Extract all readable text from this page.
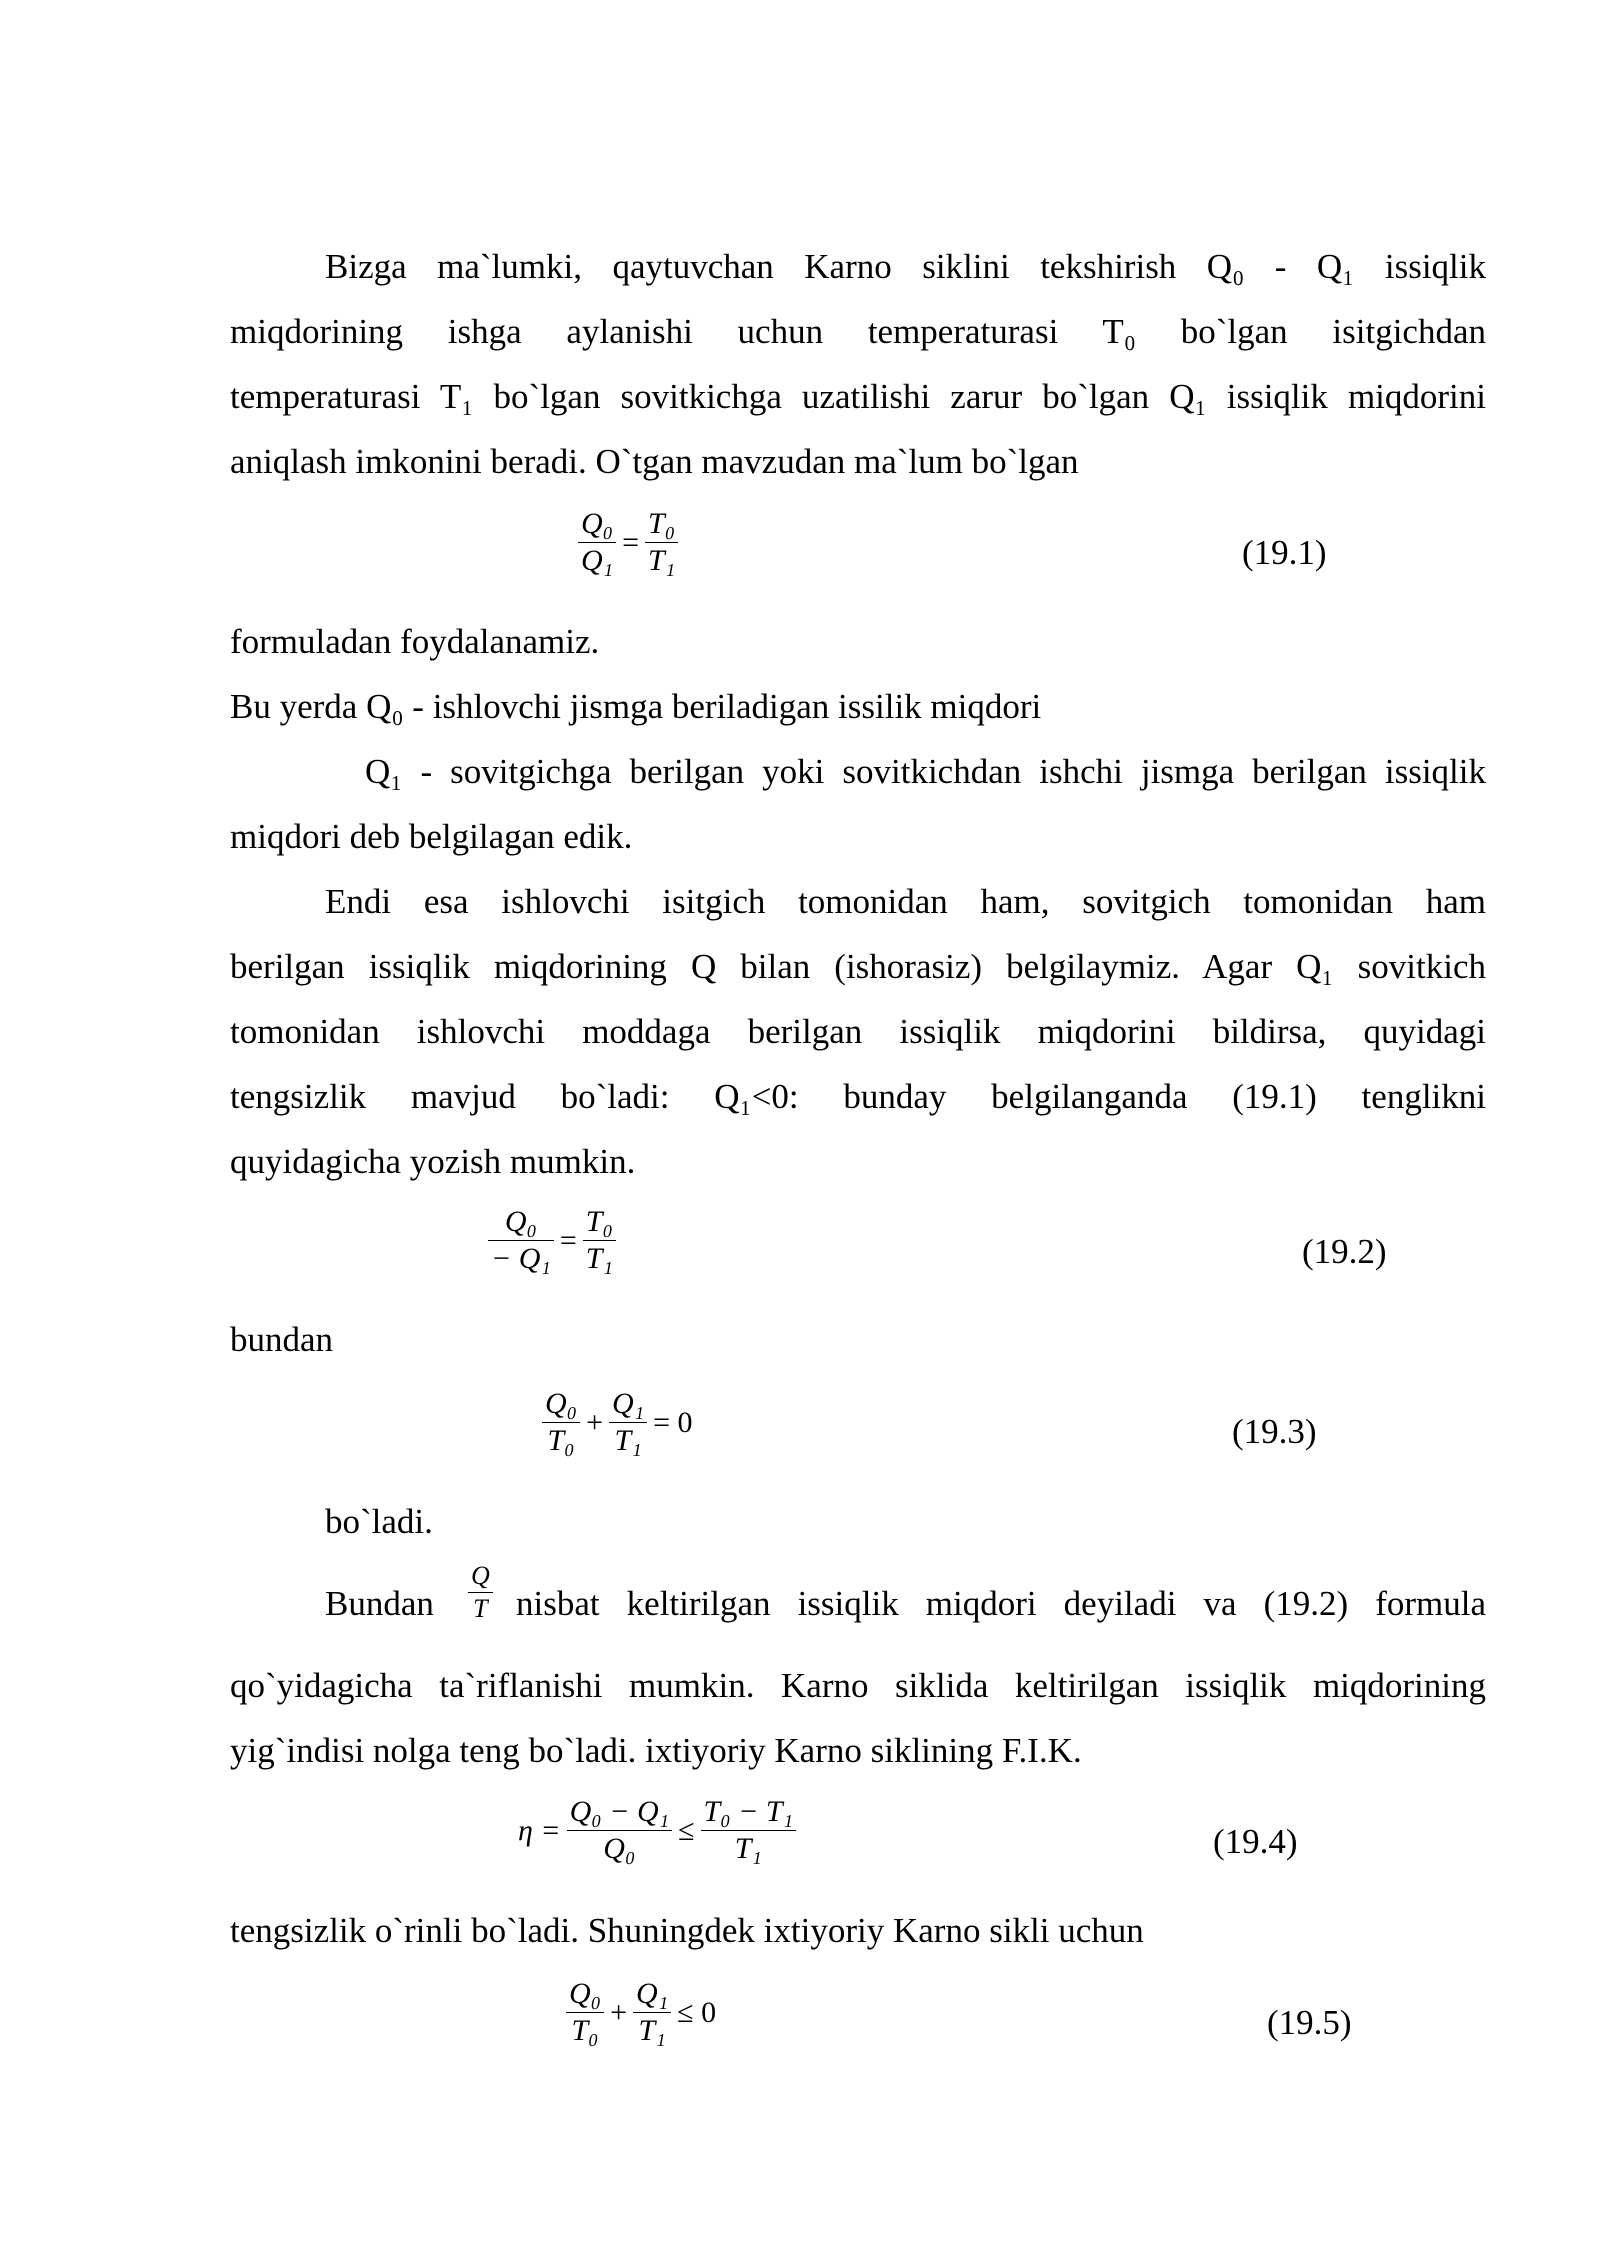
Bizga ma`lumki, qaytuvchan Karno siklini tekshirish Q₀ - Q₁ issiqlik
miqdorining ishga aylanishi uchun temperaturasi T₀ bo`lgan isitgichdan
temperaturasi T₁ bo`lgan sovitkichga uzatilishi zarur bo`lgan Q₁ issiqlik miqdorini
aniqlash imkonini beradi. O`tgan mavzudan ma`lum bo`lgan
$\frac{\text{Q₀}}{\text{Q₁}} = \frac{\text{T₀}}{\text{T₁}}$	(19.1)
formuladan foydalanamiz.
Bu yerda Q₀ - ishlovchi jismga beriladigan issilik miqdori
Q₁ - sovitgichga berilgan yoki sovitkichdan ishchi jismga berilgan issiqlik
miqdori deb belgilagan edik.
Endi esa ishlovchi isitgich tomonidan ham, sovitgich tomonidan ham
berilgan issiqlik miqdorining Q bilan (ishorasiz) belgilaymiz. Agar Q₁ sovitkich
tomonidan ishlovchi moddaga berilgan issiqlik miqdorini bildirsa, quyidagi
tengsizlik mavjud bo`ladi: Q₁<0: bunday belgilanganda (19.1) tenglikni
quyidagicha yozish mumkin.
$\frac{\text{Q₀}}{\text{− Q₁}} = \frac{\text{T₀}}{\text{T₁}}$	(19.2)
bundan
$\frac{\text{Q₀}}{\text{T₀}} + \frac{\text{Q₁}}{\text{T₁}} = 0$	(19.3)
bo`ladi.
Bundan $\frac{Q}{T}$ nisbat keltirilgan issiqlik miqdori deyiladi va (19.2) formula
qo`yidagicha ta`riflanishi mumkin. Karno siklida keltirilgan issiqlik miqdorining
yig`indisi nolga teng bo`ladi. ixtiyoriy Karno siklining F.I.K.
$\eta = \frac{\text{Q₀ − Q₁}}{\text{Q₀}} \le \frac{\text{T₀ − T₁}}{\text{T₁}}$	(19.4)
tengsizlik o`rinli bo`ladi. Shuningdek ixtiyoriy Karno sikli uchun
$\frac{\text{Q₀}}{\text{T₀}} + \frac{\text{Q₁}}{\text{T₁}} \le 0$	(19.5)
